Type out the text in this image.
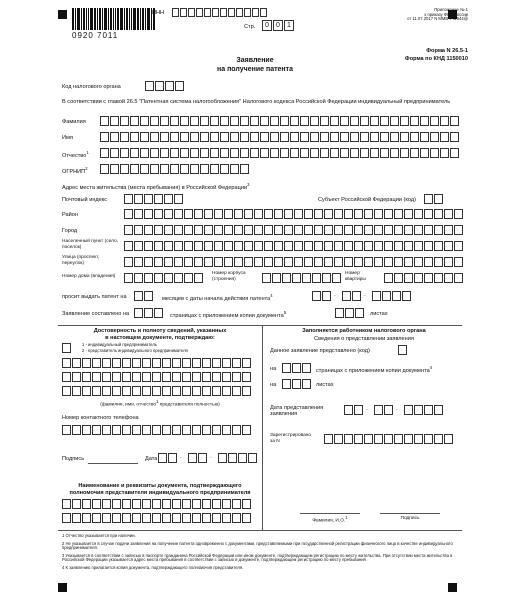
0920 7011
ИНН
Стр.	0	0	1
Приложение № 1
к приказу ФНС России
от 11.07.2017 N ММВ-7-3/544@
Форма N 26.5-1
Форма по КНД 1150010
Заявление
на получение патента
Код налогового органа
В соответствии с главой 26.5 "Патентная система налогообложения" Налогового кодекса Российской Федерации индивидуальный предприниматель
Фамилия
Имя
Отчество$^1$
ОГРНИП$^2$
Адрес места жительства (места пребывания) в Российской Федерации$^3$
Почтовый индекс	Субъект Российской Федерации (код)
Район
Город
Населенный пункт (село, поселок)
Улица (проспект, переулок)
Номер дома (владения)
Номер корпуса (строения)
Номер квартиры
просит выдать патент на	месяцев с даты начала действия патента$^4$	·	·
Заявление составлено на	страницах с приложением копии документа$^5$	листах
Достоверность и полноту сведений, указанных
в настоящем документе, подтверждаю:
1 - индивидуальный предприниматель
2 - представитель индивидуального предпринимателя
(фамилия, имя, отчество$^1$ представителя полностью)
Номер контактного телефона
Подпись	Дата	·	·
Наименование и реквизиты документа, подтверждающего
полномочия представителя индивидуального предпринимателя
Заполняется работником налогового органа
Сведения о представлении заявления
Данное заявление представлено (код)
на	страницах с приложением копии документа$^4$
на	листах
Дата представления
заявления
·	·
Зарегистрировано
за N
Фамилия, И.О.$^1$	Подпись
1 Отчество указывается при наличии.
2 Не указывается в случае подачи заявления на получение патента одновременно с документами, представляемыми при государственной регистрации физического лица в качестве индивидуального предпринимателя.
3 Указывается в соответствии с записью в паспорте гражданина Российской Федерации или ином документе, подтверждающем регистрацию по месту жительства. При отсутствии места жительства в Российской Федерации указывается адрес места пребывания в соответствии с записью в документе, подтверждающем регистрацию по месту пребывания.
4 К заявлению прилагается копия документа, подтверждающего полномочия представителя.
